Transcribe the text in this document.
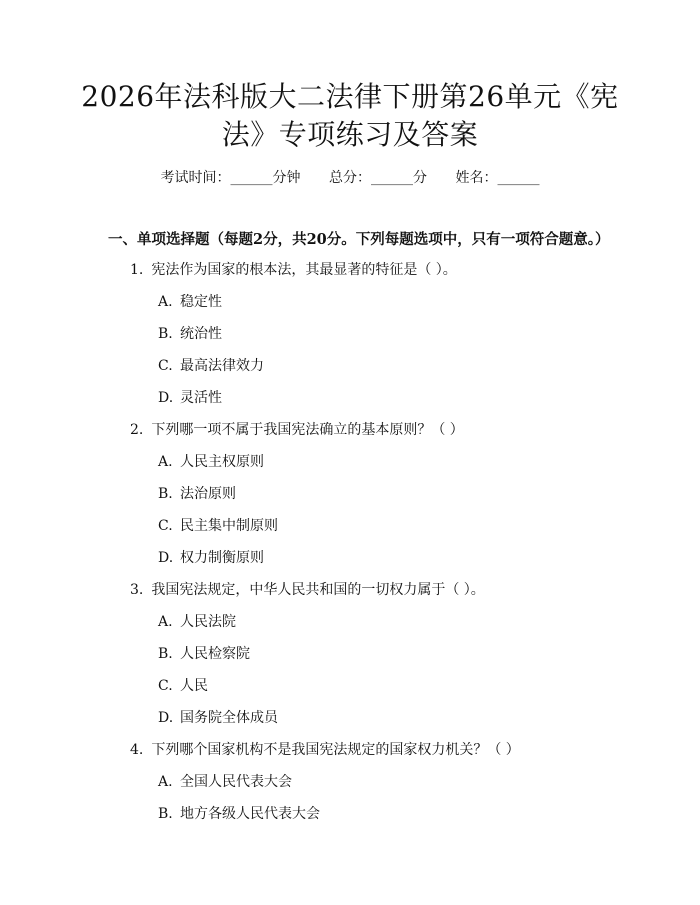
2026年法科版大二法律下册第26单元《宪
法》专项练习及答案
考试时间：______分钟 总分：______分 姓名：______
一、单项选择题（每题2分，共20分。下列每题选项中，只有一项符合题意。）
1. 宪法作为国家的根本法，其最显著的特征是（ ）。
A. 稳定性
B. 统治性
C. 最高法律效力
D. 灵活性
2. 下列哪一项不属于我国宪法确立的基本原则？（ ）
A. 人民主权原则
B. 法治原则
C. 民主集中制原则
D. 权力制衡原则
3. 我国宪法规定，中华人民共和国的一切权力属于（ ）。
A. 人民法院
B. 人民检察院
C. 人民
D. 国务院全体成员
4. 下列哪个国家机构不是我国宪法规定的国家权力机关？（ ）
A. 全国人民代表大会
B. 地方各级人民代表大会
